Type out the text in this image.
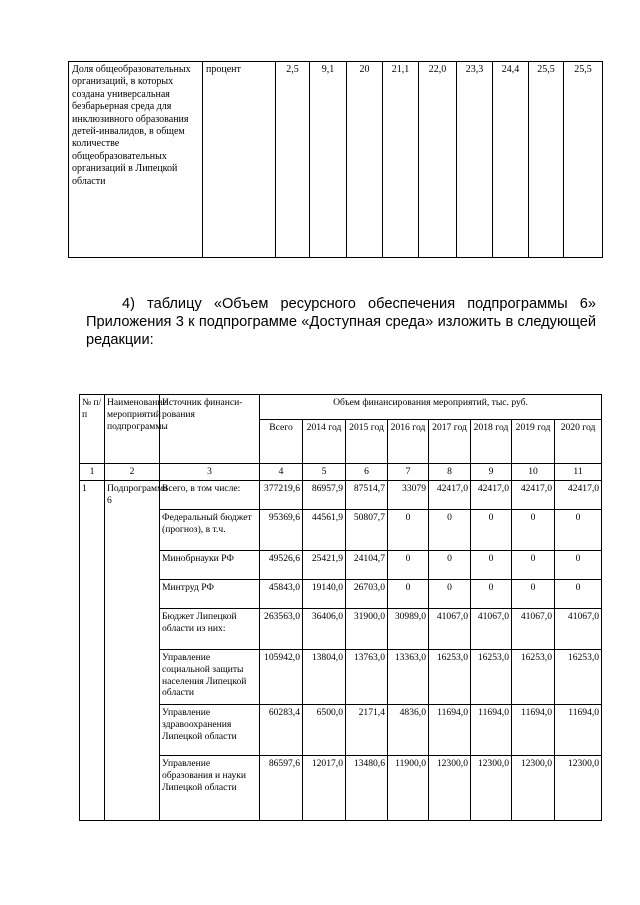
Доля общеобразовательных организаций, в которых создана универсальная безбарьерная среда для инклюзивного образования детей-инвалидов, в общем количестве общеобразовательных организаций в Липецкой области	процент	2,5	9,1	20	21,1	22,0	23,3	24,4	25,5	25,5
4) таблицу «Объем ресурсного обеспечения подпрограммы 6» Приложения 3 к подпрограмме «Доступная среда» изложить в следующей редакции:
№ п/п	Наименование мероприятий подпрограммы	Источник финанси-рования	Объем финансирования мероприятий, тыс. руб.							
			Всего	2014 год	2015 год	2016 год	2017 год	2018 год	2019 год	2020 год
1	2	3	4	5	6	7	8	9	10	11
1	Подпрограмма 6	Всего, в том числе:	377219,6	86957,9	87514,7	33079	42417,0	42417,0	42417,0	42417,0
		Федеральный бюджет (прогноз), в т.ч.	95369,6	44561,9	50807,7	0	0	0	0	0
		Минобрнауки РФ	49526,6	25421,9	24104,7	0	0	0	0	0
		Минтруд РФ	45843,0	19140,0	26703,0	0	0	0	0	0
		Бюджет Липецкой области из них:	263563,0	36406,0	31900,0	30989,0	41067,0	41067,0	41067,0	41067,0
		Управление социальной защиты населения Липецкой области	105942,0	13804,0	13763,0	13363,0	16253,0	16253,0	16253,0	16253,0
		Управление здравоохранения Липецкой области	60283,4	6500,0	2171,4	4836,0	11694,0	11694,0	11694,0	11694,0
		Управление образования и науки Липецкой области	86597,6	12017,0	13480,6	11900,0	12300,0	12300,0	12300,0	12300,0
